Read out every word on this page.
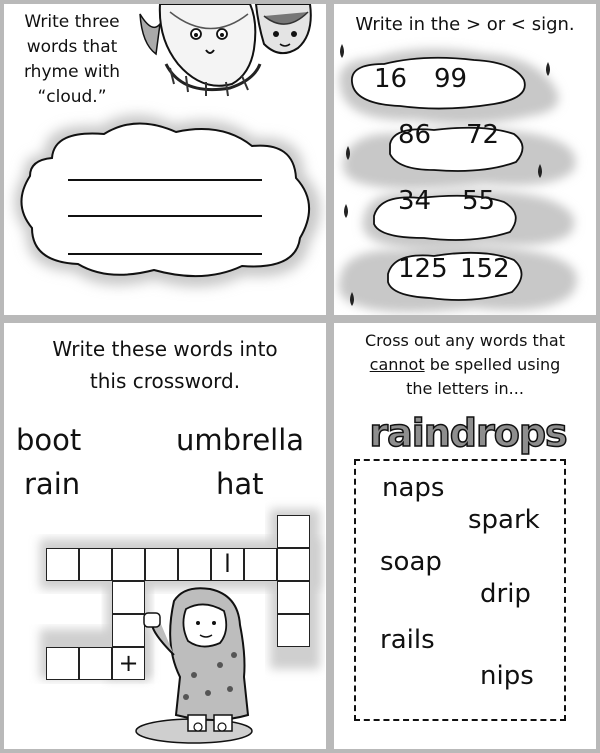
Write three
words that
rhyme with
“cloud.”
Write in the > or < sign.
16 99
86 72
34 55
125 152
Write these words into
this crossword.
boot	umbrella
rain	hat
l
+
Cross out any words that
cannot be spelled using
the letters in...
raindrops
naps
spark
soap
drip
rails
nips
